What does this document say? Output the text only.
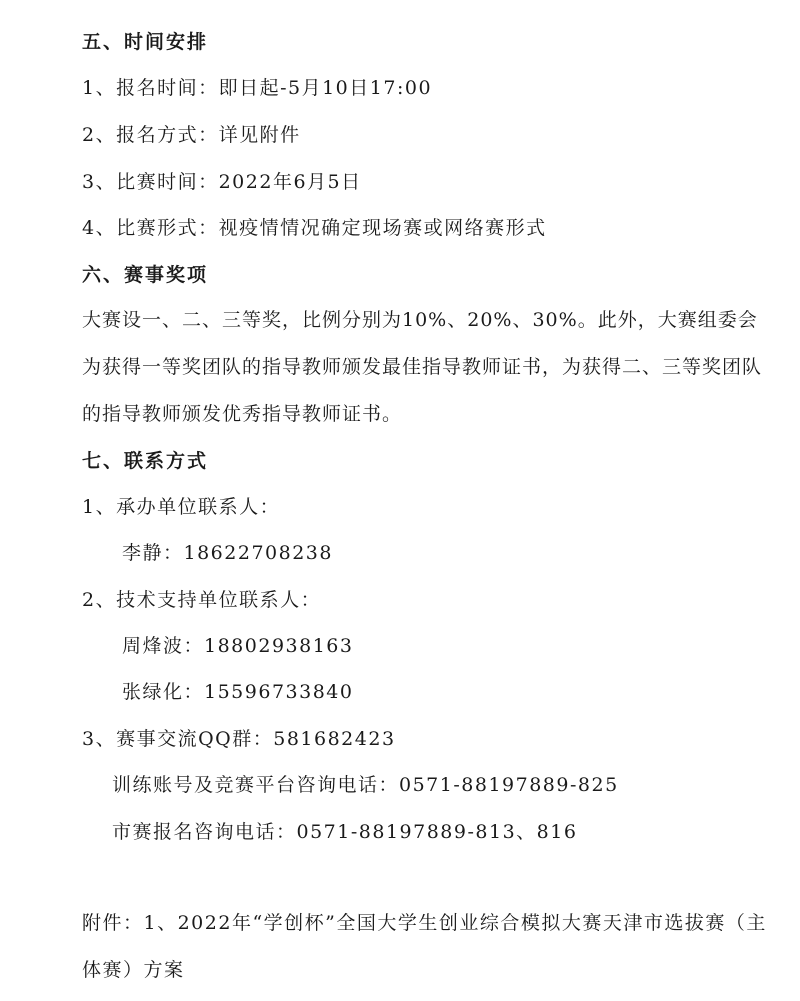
五、时间安排
1、报名时间：即日起-5月10日17:00
2、报名方式：详见附件
3、比赛时间：2022年6月5日
4、比赛形式：视疫情情况确定现场赛或网络赛形式
六、赛事奖项
大赛设一、二、三等奖，比例分别为10%、20%、30%。此外，大赛组委会为获得一等奖团队的指导教师颁发最佳指导教师证书，为获得二、三等奖团队的指导教师颁发优秀指导教师证书。
七、联系方式
1、承办单位联系人：
李静：18622708238
2、技术支持单位联系人：
周烽波：18802938163
张绿化：15596733840
3、赛事交流QQ群：581682423
训练账号及竞赛平台咨询电话：0571-88197889-825
市赛报名咨询电话：0571-88197889-813、816
附件：1、2022年“学创杯”全国大学生创业综合模拟大赛天津市选拔赛（主
体赛）方案
